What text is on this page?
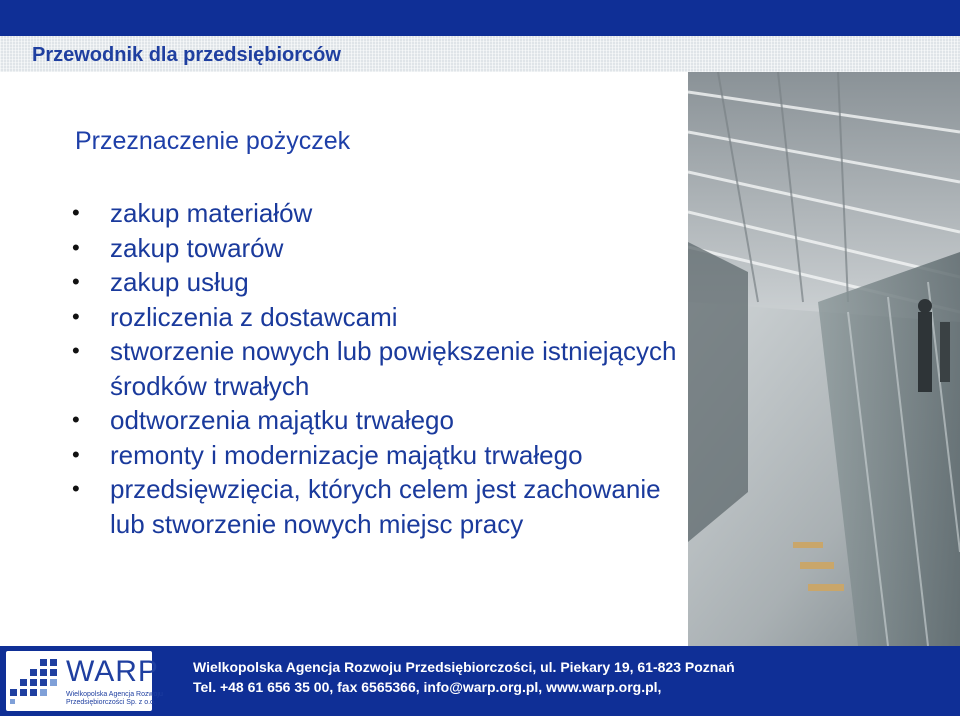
Przewodnik dla przedsiębiorców
Przeznaczenie pożyczek
• zakup materiałów
• zakup towarów
• zakup usług
• rozliczenia z dostawcami
• stworzenie nowych lub powiększenie istniejących
środków trwałych
• odtworzenia majątku trwałego
• remonty i modernizacje majątku trwałego
• przedsięwzięcia, których celem jest zachowanie
lub stworzenie nowych miejsc pracy
WARP
Wielkopolska Agencja Rozwoju
Przedsiębiorczości Sp. z o.o.
Wielkopolska Agencja Rozwoju Przedsiębiorczości, ul. Piekary 19, 61-823 Poznań
Tel. +48 61 656 35 00, fax 6565366, info@warp.org.pl, www.warp.org.pl,
